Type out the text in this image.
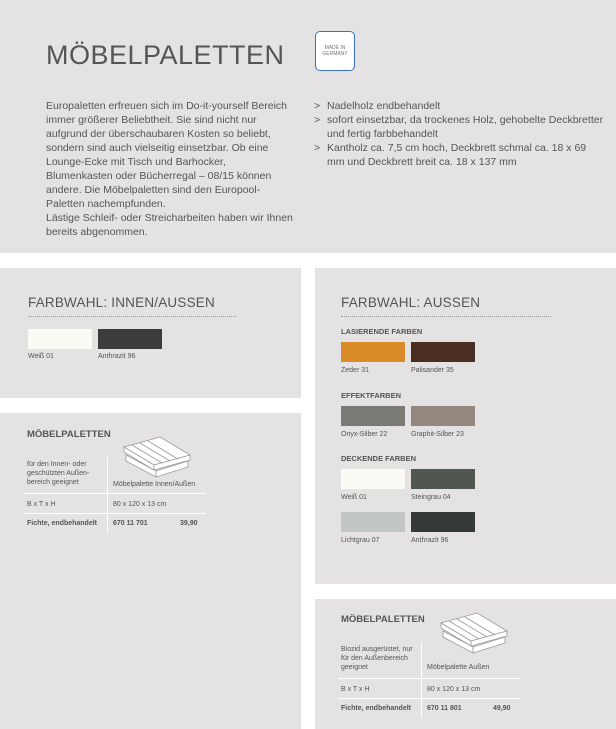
MÖBELPALETTEN	MADE IN
GERMANY

Europaletten erfreuen sich im Do-it-yourself Bereich immer größerer Beliebtheit. Sie sind nicht nur aufgrund der überschaubaren Kosten so beliebt, sondern sind auch vielseitig einsetzbar. Ob eine Lounge-Ecke mit Tisch und Barhocker, Blumenkasten oder Bücherregal – 08/15 können andere. Die Möbelpaletten sind den Europool-Paletten nachempfunden.
Lästige Schleif- oder Streicharbeiten haben wir Ihnen bereits abgenommen.

> Nadelholz endbehandelt
> sofort einsetzbar, da trockenes Holz, gehobelte Deckbretter und fertig farbbehandelt
> Kantholz ca. 7,5 cm hoch, Deckbrett schmal ca. 18 x 69 mm und Deckbrett breit ca. 18 x 137 mm
FARBWAHL: INNEN/AUSSEN
Weiß 01	Anthrazit 96
MÖBELPALETTEN
für den Innen- oder
geschützten Außen-
bereich geeignet	Möbelpalette Innen/Außen
B x T x H	80 x 120 x 13 cm
Fichte, endbehandelt 670 11 701	39,90
FARBWAHL: AUSSEN
LASIERENDE FARBEN
Zeder 31	Palisander 35
EFFEKTFARBEN
Onyx-Silber 22	Graphit-Silber 23
DECKENDE FARBEN
Weiß 01	Steingrau 04
Lichtgrau 07	Anthrazit 96
MÖBELPALETTEN
Biozid ausgerüstet, nur
für den Außenbereich
geeignet	Möbelpalette Außen
B x T x H	80 x 120 x 13 cm
Fichte, endbehandelt 670 11 801	49,90
